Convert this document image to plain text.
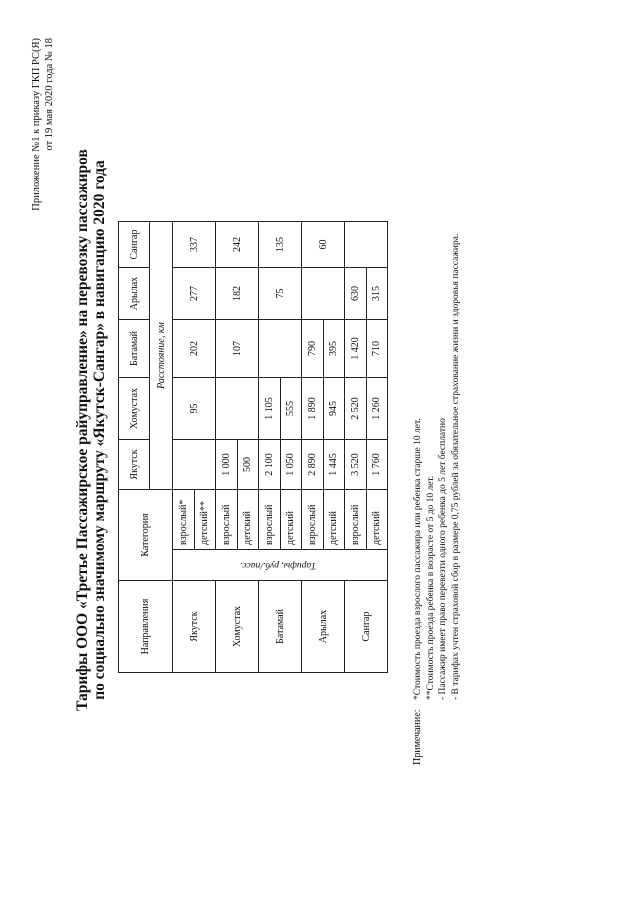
Приложение №1 к приказу ГКП РС(Я) от 19 мая 2020 года № 18
Тарифы ООО «Третье Пассажирское райуправление» на перевозку пассажиров по социально значимому маршруту «Якутск-Сангар» в навигацию 2020 года	Направления	Категория		Якутск	Хомустах	Батамай	Арылах	Сангар
			Расстояние, км				
Якутск	Тарифы, руб./пасс.	взрослый*		95	202	277	337
		детский**					
Хомустах		взрослый	1 000		107	182	242
		детский	500				
Батамай		взрослый	2 100	1 105		75	135
		детский	1 050	555			
Арылах		взрослый	2 890	1 890	790		60
		детский	1 445	945	395		
Сангар		взрослый	3 520	2 520	1 420	630	
		детский	1 760	1 260	710	315	
Примечание:
*Стоимость проезда взрослого пассажира или ребенка старше 10 лет. **Стоимость проезда ребенка в возрасте от 5 до 10 лет. - Пассажир имеет право перевезти одного ребенка до 5 лет бесплатно - В тарифах учтен страховой сбор в размере 0,75 рублей за обязательное страхование жизни и здоровья пассажира.
